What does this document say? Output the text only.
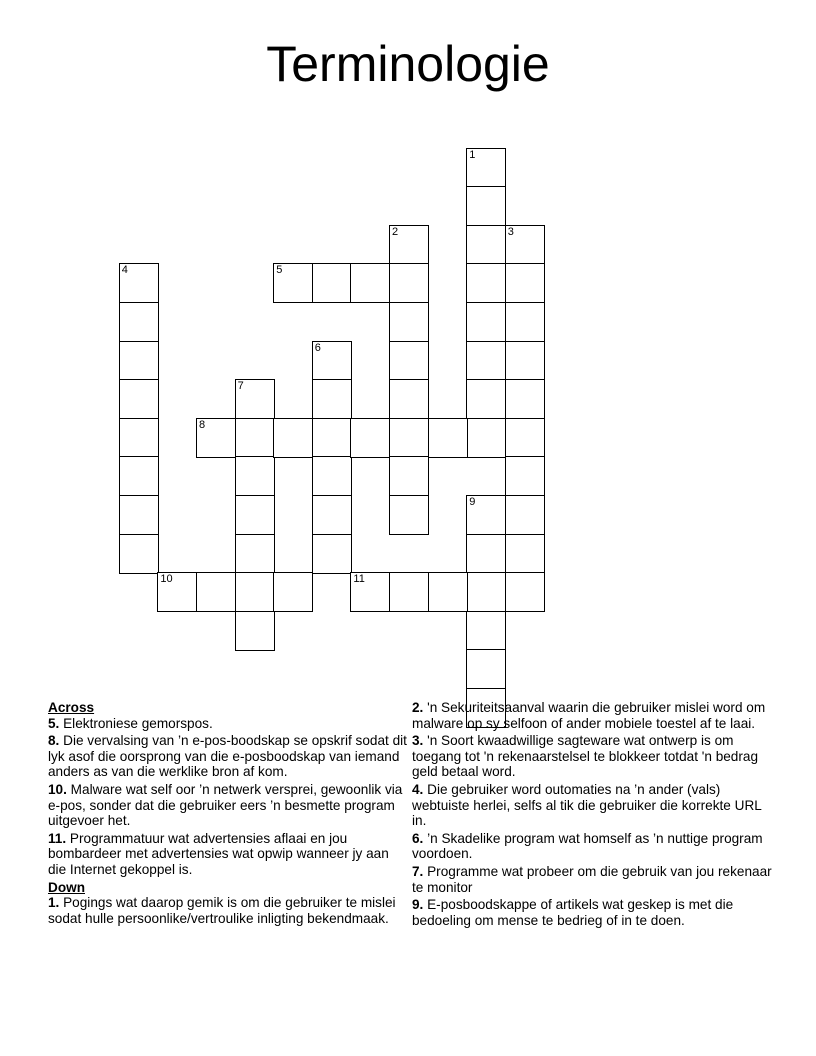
Terminologie
1
2	3
4	5
6
7
8
9
10	11
Across

5. Elektroniese gemorspos.

8. Die vervalsing van ’n e-pos-boodskap se opskrif sodat dit lyk asof die oorsprong van die e-posboodskap van iemand anders as van die werklike bron af kom.

10. Malware wat self oor ’n netwerk versprei, gewoonlik via e-pos, sonder dat die gebruiker eers ’n besmette program uitgevoer het.

11. Programmatuur wat advertensies aflaai en jou bombardeer met advertensies wat opwip wanneer jy aan die Internet gekoppel is.

Down

1. Pogings wat daarop gemik is om die gebruiker te mislei sodat hulle persoonlike/vertroulike inligting bekendmaak.

2. 'n Sekuriteitsaanval waarin die gebruiker mislei word om malware op sy selfoon of ander mobiele toestel af te laai.

3. 'n Soort kwaadwillige sagteware wat ontwerp is om toegang tot 'n rekenaarstelsel te blokkeer totdat 'n bedrag geld betaal word.

4. Die gebruiker word outomaties na ’n ander (vals) webtuiste herlei, selfs al tik die gebruiker die korrekte URL in.

6. ’n Skadelike program wat homself as ’n nuttige program voordoen.

7. Programme wat probeer om die gebruik van jou rekenaar te monitor

9. E-posboodskappe of artikels wat geskep is met die bedoeling om mense te bedrieg of in te doen.
